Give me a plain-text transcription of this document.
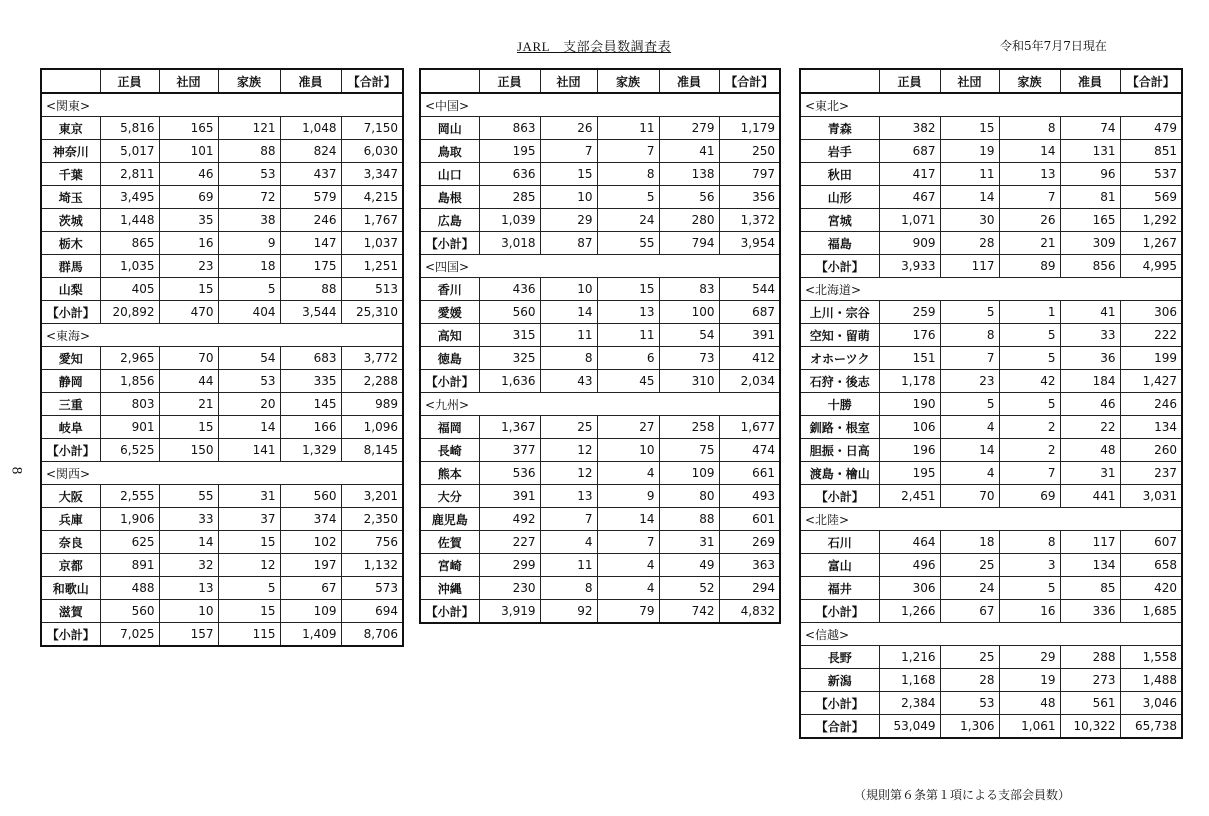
JARL　支部会員数調査表	令和5年7月7日現在
8
	正員	社団	家族	准員	【合計】
<関東>					
東京	5,816	165	121	1,048	7,150
神奈川	5,017	101	88	824	6,030
千葉	2,811	46	53	437	3,347
埼玉	3,495	69	72	579	4,215
茨城	1,448	35	38	246	1,767
栃木	865	16	9	147	1,037
群馬	1,035	23	18	175	1,251
山梨	405	15	5	88	513
【小計】	20,892	470	404	3,544	25,310
<東海>					
愛知	2,965	70	54	683	3,772
静岡	1,856	44	53	335	2,288
三重	803	21	20	145	989
岐阜	901	15	14	166	1,096
【小計】	6,525	150	141	1,329	8,145
<関西>					
大阪	2,555	55	31	560	3,201
兵庫	1,906	33	37	374	2,350
奈良	625	14	15	102	756
京都	891	32	12	197	1,132
和歌山	488	13	5	67	573
滋賀	560	10	15	109	694
【小計】	7,025	157	115	1,409	8,706
	正員	社団	家族	准員	【合計】
<中国>					
岡山	863	26	11	279	1,179
鳥取	195	7	7	41	250
山口	636	15	8	138	797
島根	285	10	5	56	356
広島	1,039	29	24	280	1,372
【小計】	3,018	87	55	794	3,954
<四国>					
香川	436	10	15	83	544
愛媛	560	14	13	100	687
高知	315	11	11	54	391
徳島	325	8	6	73	412
【小計】	1,636	43	45	310	2,034
<九州>					
福岡	1,367	25	27	258	1,677
長崎	377	12	10	75	474
熊本	536	12	4	109	661
大分	391	13	9	80	493
鹿児島	492	7	14	88	601
佐賀	227	4	7	31	269
宮崎	299	11	4	49	363
沖縄	230	8	4	52	294
【小計】	3,919	92	79	742	4,832
	正員	社団	家族	准員	【合計】
<東北>					
青森	382	15	8	74	479
岩手	687	19	14	131	851
秋田	417	11	13	96	537
山形	467	14	7	81	569
宮城	1,071	30	26	165	1,292
福島	909	28	21	309	1,267
【小計】	3,933	117	89	856	4,995
<北海道>					
上川・宗谷	259	5	1	41	306
空知・留萌	176	8	5	33	222
オホーツク	151	7	5	36	199
石狩・後志	1,178	23	42	184	1,427
十勝	190	5	5	46	246
釧路・根室	106	4	2	22	134
胆振・日高	196	14	2	48	260
渡島・檜山	195	4	7	31	237
【小計】	2,451	70	69	441	3,031
<北陸>					
石川	464	18	8	117	607
富山	496	25	3	134	658
福井	306	24	5	85	420
【小計】	1,266	67	16	336	1,685
<信越>					
長野	1,216	25	29	288	1,558
新潟	1,168	28	19	273	1,488
【小計】	2,384	53	48	561	3,046
【合計】	53,049	1,306	1,061	10,322	65,738
（規則第６条第１項による支部会員数）
